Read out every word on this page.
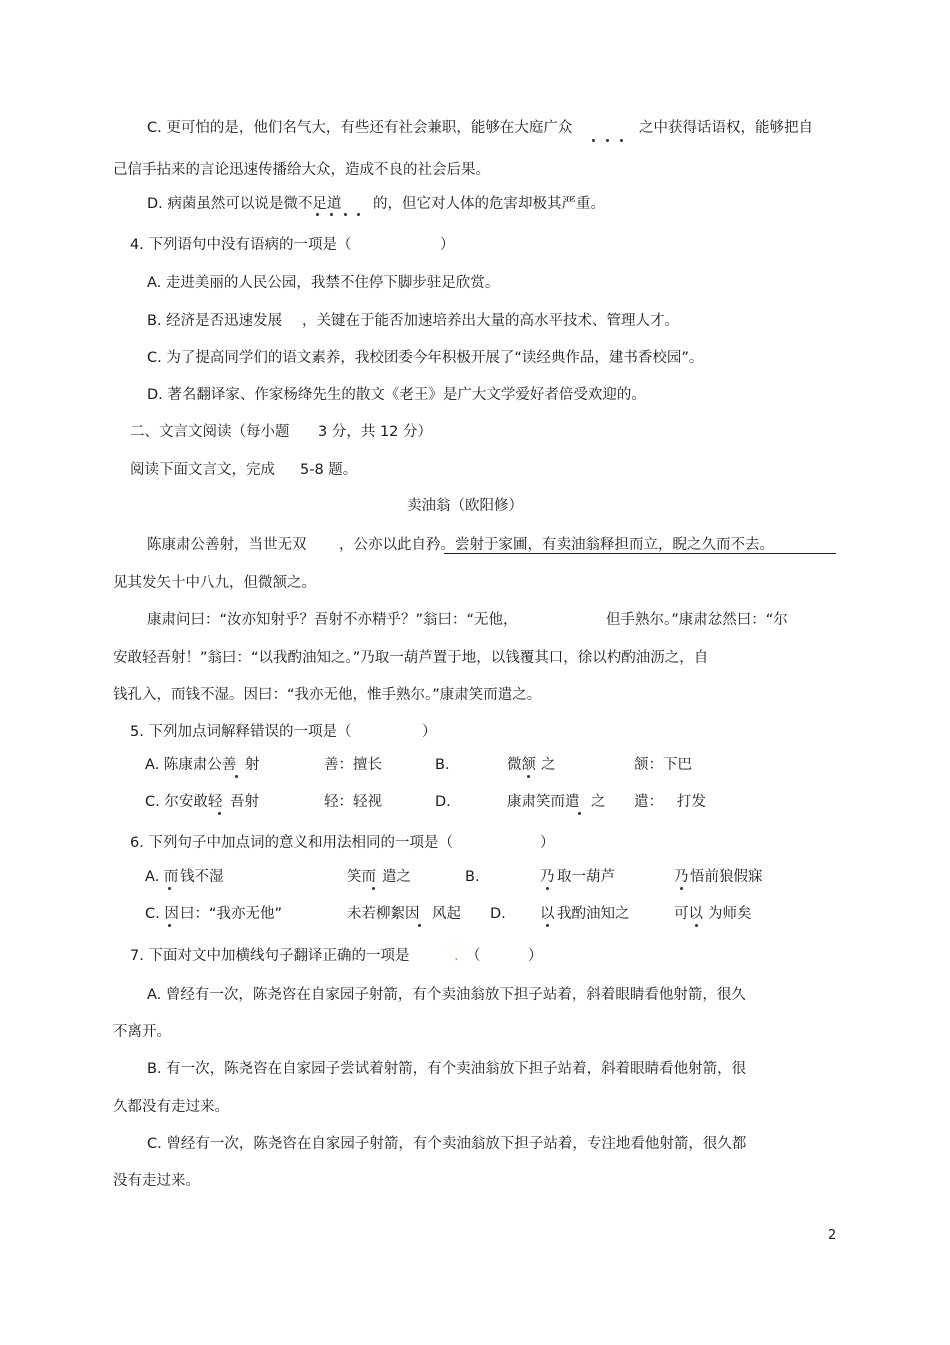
C. 更可怕的是，他们名气大，有些还有社会兼职，能够在大庭广众	之中获得话语权，能够把自
己信手拈来的言论迅速传播给大众，造成不良的社会后果。
D. 病菌虽然可以说是微不足道 的，但它对人体的危害却极其严重。
4. 下列语句中没有语病的一项是（	）
A. 走进美丽的人民公园，我禁不住停下脚步驻足欣赏。
B. 经济是否迅速发展 ，关键在于能否加速培养出大量的高水平技术、管理人才。
C. 为了提高同学们的语文素养，我校团委今年积极开展了“读经典作品，建书香校园”。
D. 著名翻译家、作家杨绛先生的散文《老王》是广大文学爱好者倍受欢迎的。
二、文言文阅读（每小题 3 分，共 12 分）
阅读下面文言文，完成 5-8 题。
卖油翁（欧阳修）
陈康肃公善射，当世无双 ，公亦以此自矜。 尝射于家圃，有卖油翁释担而立，睨之久而不去。
见其发矢十中八九，但微颔之。
康肃问曰：“汝亦知射乎？吾射不亦精乎？”翁曰：“无他，	但手熟尔。”康肃忿然曰：“尔
安敢轻吾射！”翁曰：“以我酌油知之。”乃取一葫芦置于地，以钱覆其口，徐以杓酌油沥之，自
钱孔入，而钱不湿。因曰：“我亦无他，惟手熟尔。”康肃笑而遣之。
5. 下列加点词解释错误的一项是（	）
A. 陈康肃公善 射	善：擅长	B.	微颔 之	颔：下巴
C. 尔安敢轻 吾射	轻：轻视	D.	康肃笑而遣 之 遣： 打发
6. 下列句子中加点词的意义和用法相同的一项是（	）
A. 而 钱不湿	笑而 遣之	B.	乃 取一葫芦	乃 悟前狼假寐
C. 因 曰：“我亦无他”	未若柳絮因 风起 D. 以 我酌油知之	可以 为师矣
7. 下面对文中加横线句子翻译正确的一项是	. （	）
A. 曾经有一次，陈尧咨在自家园子射箭，有个卖油翁放下担子站着，斜着眼睛看他射箭，很久
不离开。
B. 有一次，陈尧咨在自家园子尝试着射箭，有个卖油翁放下担子站着，斜着眼睛看他射箭，很
久都没有走过来。
C. 曾经有一次，陈尧咨在自家园子射箭，有个卖油翁放下担子站着，专注地看他射箭，很久都
没有走过来。
2
